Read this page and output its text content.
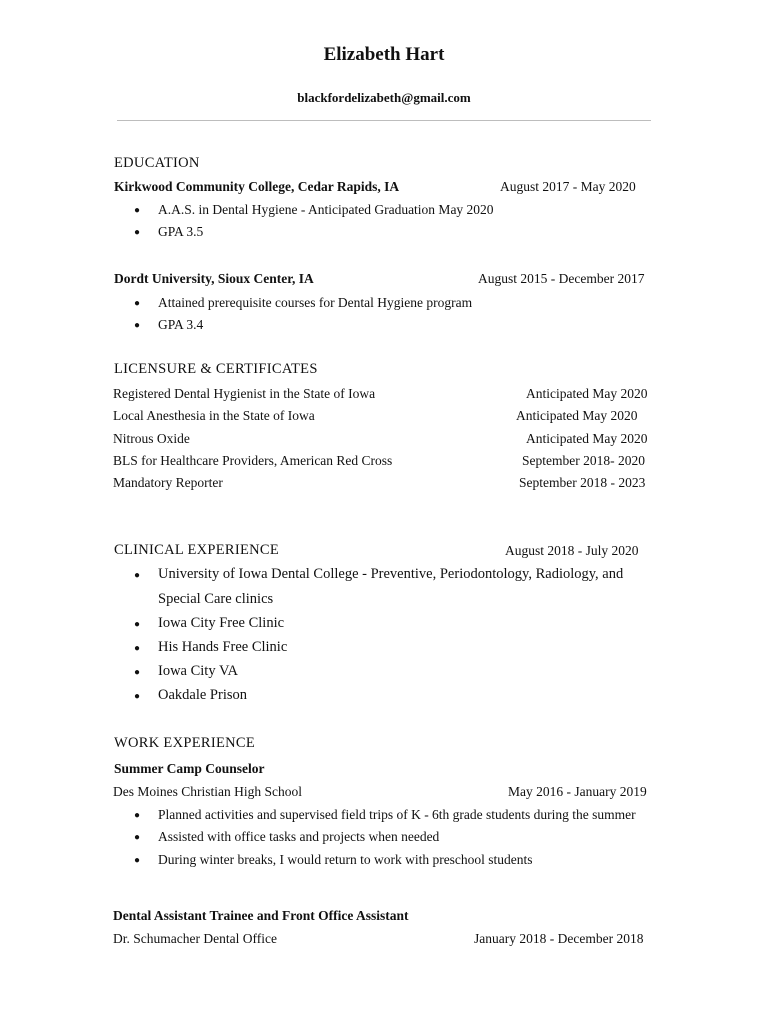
Elizabeth Hart
blackfordelizabeth@gmail.com
EDUCATION
Kirkwood Community College, Cedar Rapids, IA	August 2017 - May 2020
● A.A.S. in Dental Hygiene - Anticipated Graduation May 2020
● GPA 3.5
Dordt University, Sioux Center, IA	August 2015 - December 2017
● Attained prerequisite courses for Dental Hygiene program
● GPA 3.4
LICENSURE & CERTIFICATES
Registered Dental Hygienist in the State of Iowa	Anticipated May 2020
Local Anesthesia in the State of Iowa	Anticipated May 2020
Nitrous Oxide	Anticipated May 2020
BLS for Healthcare Providers, American Red Cross	September 2018- 2020
Mandatory Reporter	September 2018 - 2023
CLINICAL EXPERIENCE	August 2018 - July 2020
● University of Iowa Dental College - Preventive, Periodontology, Radiology, and
Special Care clinics
● Iowa City Free Clinic
● His Hands Free Clinic
● Iowa City VA
● Oakdale Prison
WORK EXPERIENCE
Summer Camp Counselor
Des Moines Christian High School	May 2016 - January 2019
● Planned activities and supervised field trips of K - 6th grade students during the summer
● Assisted with office tasks and projects when needed
● During winter breaks, I would return to work with preschool students
Dental Assistant Trainee and Front Office Assistant
Dr. Schumacher Dental Office	January 2018 - December 2018
